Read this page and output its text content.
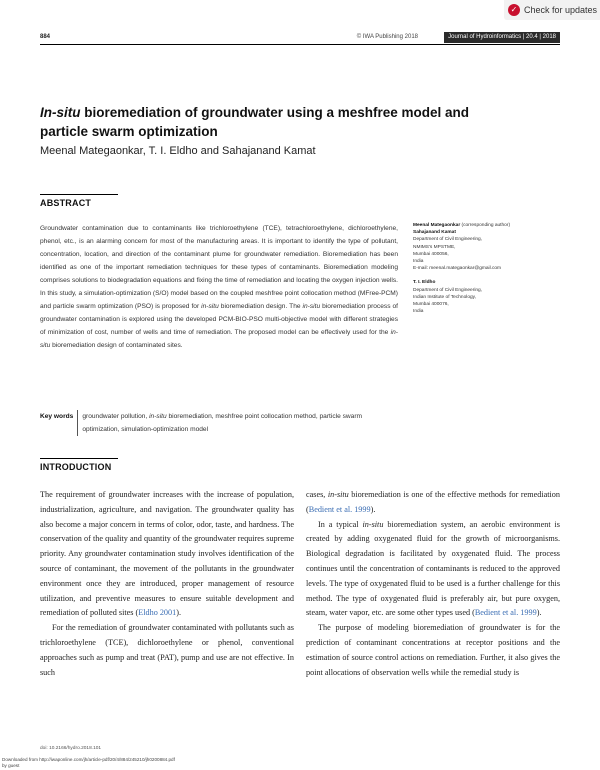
✓ Check for updates
884	© IWA Publishing 2018	Journal of Hydroinformatics | 20.4 | 2018
In-situ bioremediation of groundwater using a meshfree model and particle swarm optimization
Meenal Mategaonkar, T. I. Eldho and Sahajanand Kamat
ABSTRACT

Groundwater contamination due to contaminants like trichloroethylene (TCE), tetrachloroethylene, dichloroethylene, phenol, etc., is an alarming concern for most of the manufacturing areas. It is important to identify the type of pollutant, concentration, location, and direction of the contaminant plume for groundwater remediation. Bioremediation has been identified as one of the important remediation techniques for these types of contaminants. Bioremediation modeling comprises solutions to biodegradation equations and fixing the time of remediation and locating the oxygen injection wells. In this study, a simulation-optimization (S/O) model based on the coupled meshfree point collocation method (MFree-PCM) and particle swarm optimization (PSO) is proposed for in-situ bioremediation design. The in-situ bioremediation process of groundwater contamination is explored using the developed PCM-BIO-PSO multi-objective model with different strategies of minimization of cost, number of wells and time of remediation. The proposed model can be effectively used for the in-situ bioremediation design of contaminated sites.

Key words	groundwater pollution, in-situ bioremediation, meshfree point collocation method, particle swarm optimization, simulation-optimization model
Meenal Mategaonkar (corresponding author)
Sahajanand Kamat
Department of Civil Engineering,
NMIMS's MPSTME,
Mumbai 400056,
India
E-mail: meenal.mategaonkar@gmail.com
T. I. Eldho
Department of Civil Engineering,
Indian Institute of Technology,
Mumbai 400076,
India
INTRODUCTION

The requirement of groundwater increases with the increase of population, industrialization, agriculture, and navigation. The groundwater quality has also become a major concern in terms of color, odor, taste, and hardness. The conservation of the quality and quantity of the groundwater requires supreme priority. Any groundwater contamination study involves identification of the source of contaminant, the movement of the pollutants in the groundwater environment once they are introduced, proper management of resource utilization, and preventive measures to ensure suitable development and remediation of polluted sites (Eldho 2001).

For the remediation of groundwater contaminated with pollutants such as trichloroethylene (TCE), dichloroethylene or phenol, conventional approaches such as pump and treat (PAT), pump and use are not effective. In such

cases, in-situ bioremediation is one of the effective methods for remediation (Bedient et al. 1999).

In a typical in-situ bioremediation system, an aerobic environment is created by adding oxygenated fluid for the growth of microorganisms. Biological degradation is facilitated by oxygenated fluid. The process continues until the concentration of contaminants is reduced to the approved levels. The type of oxygenated fluid to be used is a further challenge for this method. The type of oxygenated fluid is preferably air, but pure oxygen, steam, water vapor, etc. are some other types used (Bedient et al. 1999).

The purpose of modeling bioremediation of groundwater is for the prediction of contaminant concentrations at receptor positions and the estimation of source control actions on remediation. Further, it also gives the point allocations of observation wells while the remedial study is

doi: 10.2166/hydro.2018.101
Downloaded from http://iwaponline.com/jh/article-pdf/20/4/884/245210/jh0200884.pdf
by guest
